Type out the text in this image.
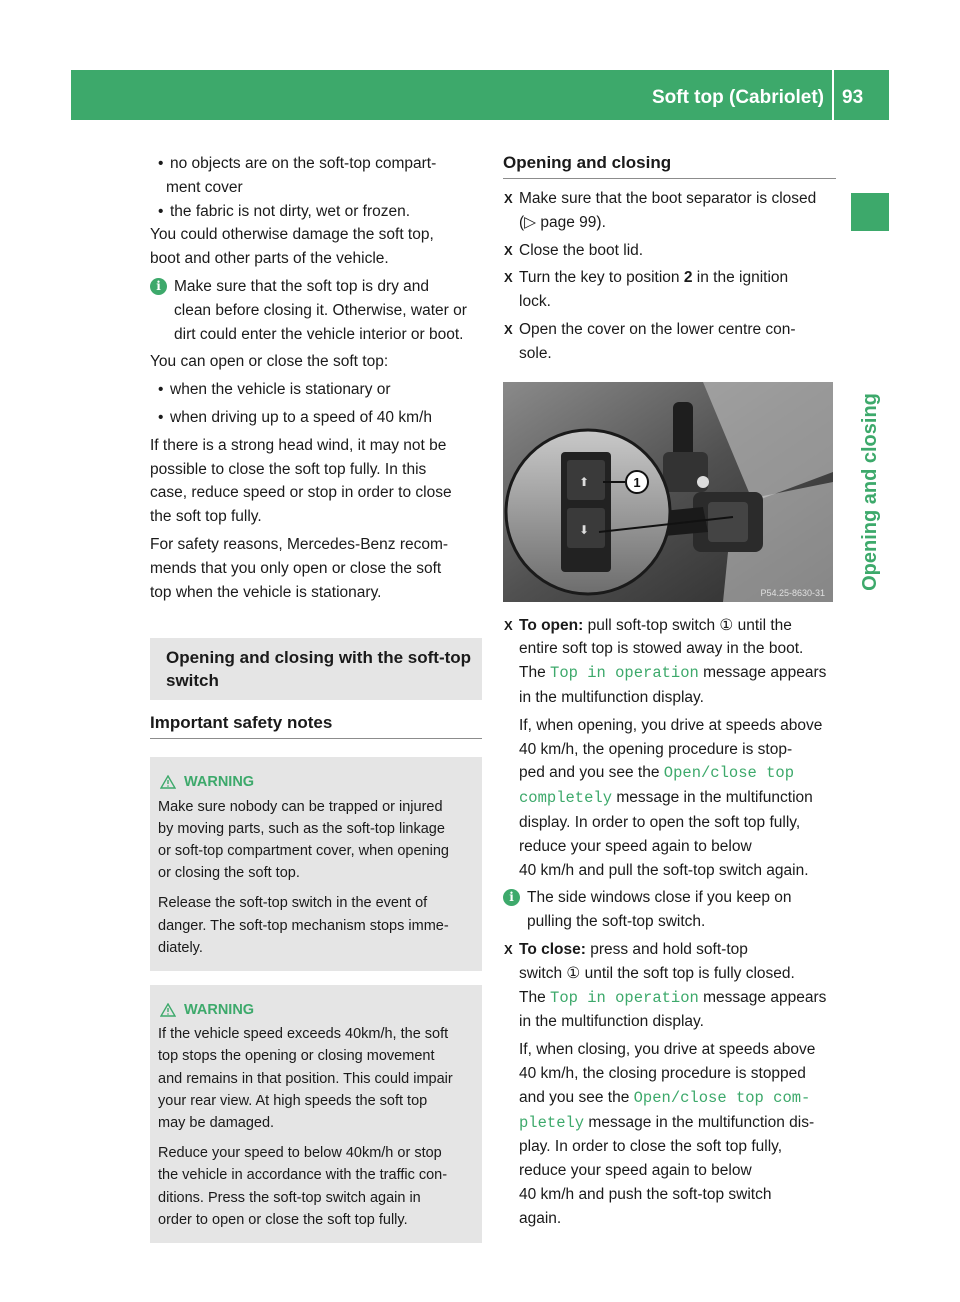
Soft top (Cabriolet) 93
Opening and closing

• no objects are on the soft-top compart-

ment cover

• the fabric is not dirty, wet or frozen.

You could otherwise damage the soft top,

boot and other parts of the vehicle.

i Make sure that the soft top is dry and

clean before closing it. Otherwise, water or

dirt could enter the vehicle interior or boot.

You can open or close the soft top:

• when the vehicle is stationary or

• when driving up to a speed of 40 km/h

If there is a strong head wind, it may not be

possible to close the soft top fully. In this

case, reduce speed or stop in order to close

the soft top fully.

For safety reasons, Mercedes-Benz recom-

mends that you only open or close the soft

top when the vehicle is stationary.

Opening and closing with the soft-top

switch

Important safety notes
WARNING

Make sure nobody can be trapped or injured
by moving parts, such as the soft-top linkage
or soft-top compartment cover, when opening
or closing the soft top.

Release the soft-top switch in the event of
danger. The soft-top mechanism stops imme-
diately.

WARNING

If the vehicle speed exceeds 40km/h, the soft
top stops the opening or closing movement
and remains in that position. This could impair
your rear view. At high speeds the soft top
may be damaged.

Reduce your speed to below 40km/h or stop
the vehicle in accordance with the traffic con-
ditions. Press the soft-top switch again in
order to open or close the soft top fully.

Opening and closing

X Make sure that the boot separator is closed

(▷ page 99).

X Close the boot lid.

X Turn the key to position 2 in the ignition

lock.

X Open the cover on the lower centre con-

sole.

⬆
⬇
1
P54.25-8630-31

X To open: pull soft-top switch ① until the

entire soft top is stowed away in the boot.

The Top in operation message appears

in the multifunction display.

If, when opening, you drive at speeds above

40 km/h, the opening procedure is stop-

ped and you see the Open/close top

completely message in the multifunction

display. In order to open the soft top fully,

reduce your speed again to below

40 km/h and pull the soft-top switch again.

i The side windows close if you keep on

pulling the soft-top switch.

X To close: press and hold soft-top

switch ① until the soft top is fully closed.

The Top in operation message appears

in the multifunction display.

If, when closing, you drive at speeds above

40 km/h, the closing procedure is stopped

and you see the Open/close top com‐

pletely message in the multifunction dis-

play. In order to close the soft top fully,

reduce your speed again to below

40 km/h and push the soft-top switch

again.
